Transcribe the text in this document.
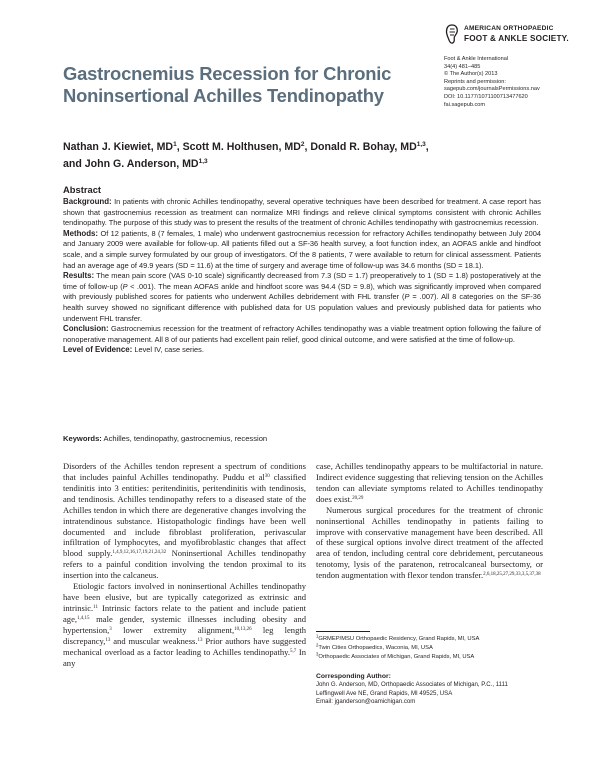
AMERICAN ORTHOPAEDIC
FOOT & ANKLE SOCIETY.
Foot & Ankle International
34(4) 481–485
© The Author(s) 2013
Reprints and permission:
sagepub.com/journalsPermissions.nav
DOI: 10.1177/1071100713477620
fai.sagepub.com
Gastrocnemius Recession for Chronic
Noninsertional Achilles Tendinopathy
Nathan J. Kiewiet, $MD^1$, Scott M. Holthusen, $MD^2$, Donald R. Bohay, MD$^{1,3}$,
and John G. Anderson, MD$^{1,3}$
Abstract

Background: In patients with chronic Achilles tendinopathy, several operative techniques have been described for treatment. A case report has shown that gastrocnemius recession as treatment can normalize MRI findings and relieve clinical symptoms consistent with chronic Achilles tendinopathy. The purpose of this study was to present the results of the treatment of chronic Achilles tendinopathy with gastrocnemius recession.

Methods: Of 12 patients, 8 (7 females, 1 male) who underwent gastrocnemius recession for refractory Achilles tendinopathy between July 2004 and January 2009 were available for follow-up. All patients filled out a SF-36 health survey, a foot function index, an AOFAS ankle and hindfoot scale, and a simple survey formulated by our group of investigators. Of the 8 patients, 7 were available to return for clinical assessment. Patients had an average age of 49.9 years (SD = 11.6) at the time of surgery and average time of follow-up was 34.6 months (SD = 18.1).

Results: The mean pain score (VAS 0-10 scale) significantly decreased from 7.3 (SD = 1.7) preoperatively to 1 (SD = 1.8) postoperatively at the time of follow-up (P < .001). The mean AOFAS ankle and hindfoot score was 94.4 (SD = 9.8), which was significantly improved when compared with previously published scores for patients who underwent Achilles debridement with FHL transfer (P = .007). All 8 categories on the SF-36 health survey showed no significant difference with published data for US population values and previously published data for patients who underwent FHL transfer.

Conclusion: Gastrocnemius recession for the treatment of refractory Achilles tendinopathy was a viable treatment option following the failure of nonoperative management. All 8 of our patients had excellent pain relief, good clinical outcome, and were satisfied at the time of follow-up.

Level of Evidence: Level IV, case series.

Keywords: Achilles, tendinopathy, gastrocnemius, recession

Disorders of the Achilles tendon represent a spectrum of conditions that includes painful Achilles tendinopathy. Puddu et $al^{30}$ classified tendinitis into 3 entities: peritendinitis, peritendinitis with tendinosis, and tendinosis. Achilles tendinopathy refers to a diseased state of the Achilles tendon in which there are degenerative changes involving the intratendinous substance. Histopathologic findings have been well documented and include fibroblast proliferation, perivascular infiltration of lymphocytes, and myofibroblastic changes that affect blood supply.$^{1,4,9,12,16,17,19,21,24,32}$ Noninsertional Achilles tendinopathy refers to a painful condition involving the tendon proximal to its insertion into the calcaneus.

Etiologic factors involved in noninsertional Achilles tendinopathy have been elusive, but are typically categorized as extrinsic and intrinsic.$^{11}$ Intrinsic factors relate to the patient and include patient age,$^{1,4,15}$ male gender, systemic illnesses including obesity and hypertension,$^3$ lower extremity alignment,$^{10,13,26}$ leg length discrepancy,$^{13}$ and muscular weakness.$^{13}$ Prior authors have suggested mechanical overload as a factor leading to Achilles tendinopathy.$^{5,7}$ In any

case, Achilles tendinopathy appears to be multifactorial in nature. Indirect evidence suggesting that relieving tension on the Achilles tendon can alleviate symptoms related to Achilles tendinopathy does exist.$^{20,29}$

Numerous surgical procedures for the treatment of chronic noninsertional Achilles tendinopathy in patients failing to improve with conservative management have been described. All of these surgical options involve direct treatment of the affected area of tendon, including central core debridement, percutaneous tenotomy, lysis of the paratenon, retrocalcaneal bursectomy, or tendon augmentation with flexor tendon transfer.$^{2,6,18,25,27,29,33,3,5,37,38}$

$^1$GRMEP/MSU Orthopaedic Residency, Grand Rapids, MI, USA
$^2$Twin Cities Orthopaedics, Waconia, MI, USA
$^3$Orthopaedic Associates of Michigan, Grand Rapids, MI, USA
Corresponding Author:
John G. Anderson, MD, Orthopaedic Associates of Michigan, P.C., 1111
Leffingwell Ave NE, Grand Rapids, MI 49525, USA
Email: jganderson@oamichigan.com
